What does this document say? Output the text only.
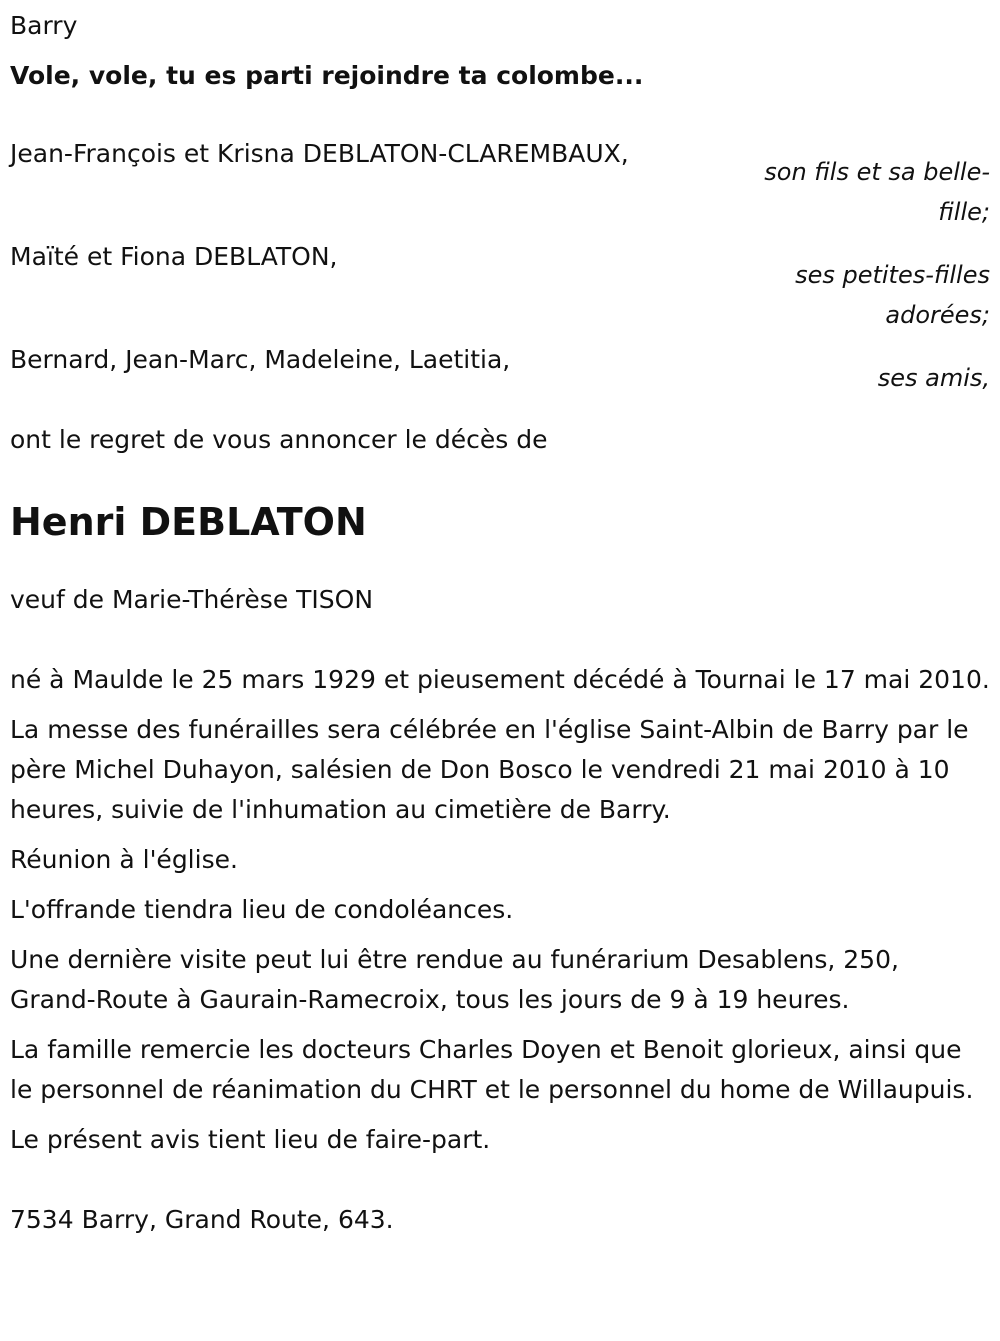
Barry
Vole, vole, tu es parti rejoindre ta colombe...
Jean-François et Krisna DEBLATON-CLAREMBAUX,
son fils et sa belle-fille;
Maïté et Fiona DEBLATON,
ses petites-filles adorées;
Bernard, Jean-Marc, Madeleine, Laetitia,
ses amis,
ont le regret de vous annoncer le décès de
Henri DEBLATON
veuf de Marie-Thérèse TISON
né à Maulde le 25 mars 1929 et pieusement décédé à Tournai le 17 mai 2010.
La messe des funérailles sera célébrée en l'église Saint-Albin de Barry par le père Michel Duhayon, salésien de Don Bosco le vendredi 21 mai 2010 à 10 heures, suivie de l'inhumation au cimetière de Barry.
Réunion à l'église.
L'offrande tiendra lieu de condoléances.
Une dernière visite peut lui être rendue au funérarium Desablens, 250, Grand-Route à Gaurain-Ramecroix, tous les jours de 9 à 19 heures.
La famille remercie les docteurs Charles Doyen et Benoit glorieux, ainsi que le personnel de réanimation du CHRT et le personnel du home de Willaupuis.
Le présent avis tient lieu de faire-part.
7534 Barry, Grand Route, 643.
